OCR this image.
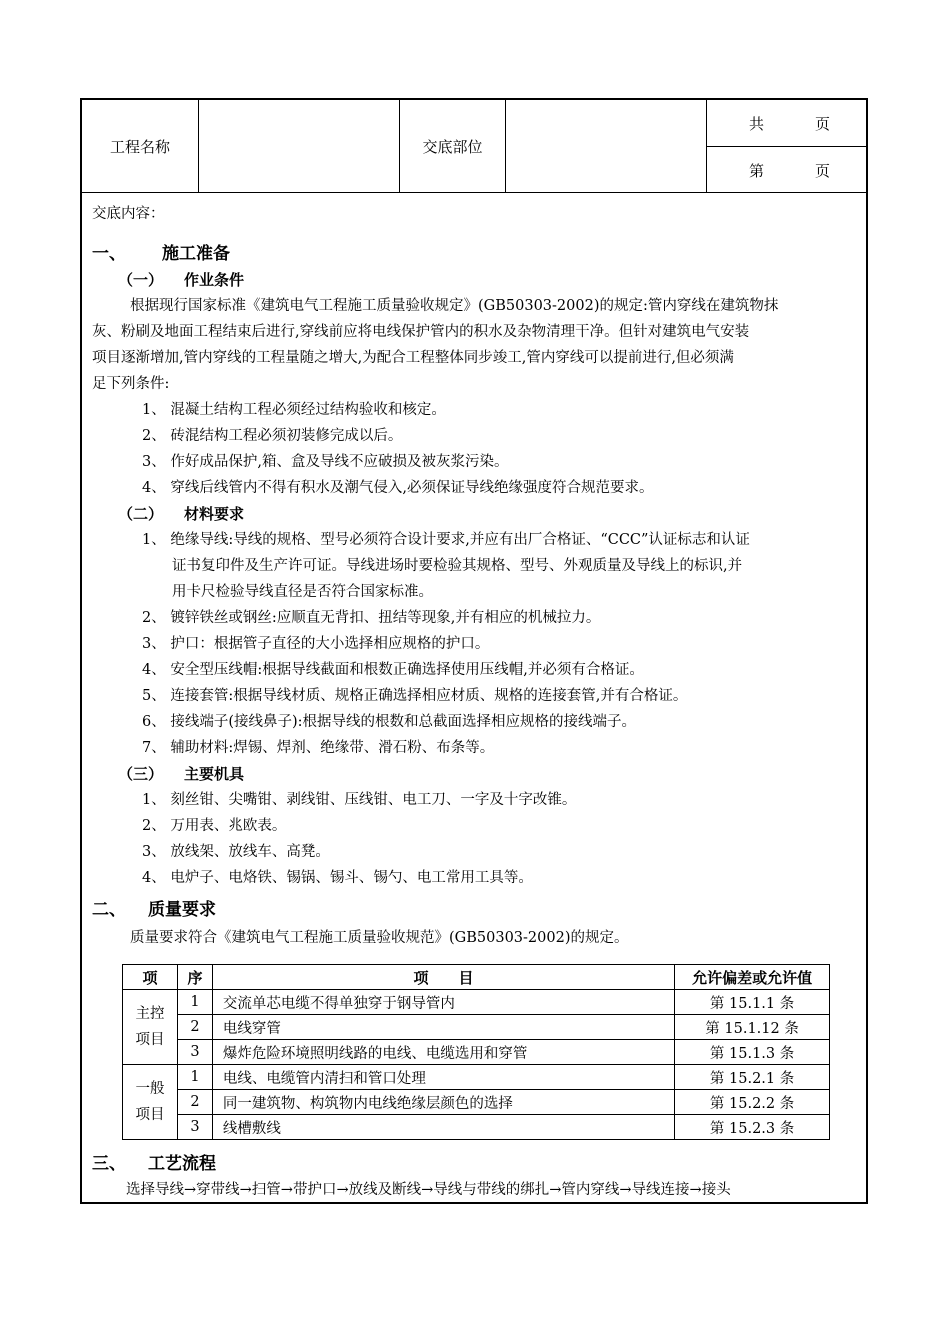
工程名称	交底部位
共	页
第	页
交底内容：
一、 施工准备
（一） 作业条件
根据现行国家标准《建筑电气工程施工质量验收规定》(GB50303-2002)的规定:管内穿线在建筑物抹
灰、粉刷及地面工程结束后进行,穿线前应将电线保护管内的积水及杂物清理干净。但针对建筑电气安装
项目逐渐增加,管内穿线的工程量随之增大,为配合工程整体同步竣工,管内穿线可以提前进行,但必须满
足下列条件:
1、 混凝土结构工程必须经过结构验收和核定。
2、 砖混结构工程必须初装修完成以后。
3、 作好成品保护,箱、盒及导线不应破损及被灰浆污染。
4、 穿线后线管内不得有积水及潮气侵入,必须保证导线绝缘强度符合规范要求。
（二） 材料要求
1、 绝缘导线:导线的规格、型号必须符合设计要求,并应有出厂合格证、“CCC”认证标志和认证
证书复印件及生产许可证。导线进场时要检验其规格、型号、外观质量及导线上的标识,并
用卡尺检验导线直径是否符合国家标准。
2、 镀锌铁丝或钢丝:应顺直无背扣、扭结等现象,并有相应的机械拉力。
3、 护口：根据管子直径的大小选择相应规格的护口。
4、 安全型压线帽:根据导线截面和根数正确选择使用压线帽,并必须有合格证。
5、 连接套管:根据导线材质、规格正确选择相应材质、规格的连接套管,并有合格证。
6、 接线端子(接线鼻子):根据导线的根数和总截面选择相应规格的接线端子。
7、 辅助材料:焊锡、焊剂、绝缘带、滑石粉、布条等。
（三） 主要机具
1、 刻丝钳、尖嘴钳、剥线钳、压线钳、电工刀、一字及十字改锥。
2、 万用表、兆欧表。
3、 放线架、放线车、高凳。
4、 电炉子、电烙铁、锡锅、锡斗、锡勺、电工常用工具等。
二、 质量要求
质量要求符合《建筑电气工程施工质量验收规范》(GB50303-2002)的规定。
项	序	项　　目	允许偏差或允许值
主控项目	1	交流单芯电缆不得单独穿于钢导管内	第 15.1.1 条
	2	电线穿管	第 15.1.12 条
	3	爆炸危险环境照明线路的电线、电缆选用和穿管	第 15.1.3 条
一般项目	1	电线、电缆管内清扫和管口处理	第 15.2.1 条
	2	同一建筑物、构筑物内电线绝缘层颜色的选择	第 15.2.2 条
	3	线槽敷线	第 15.2.3 条
三、 工艺流程
选择导线→穿带线→扫管→带护口→放线及断线→导线与带线的绑扎→管内穿线→导线连接→接头
